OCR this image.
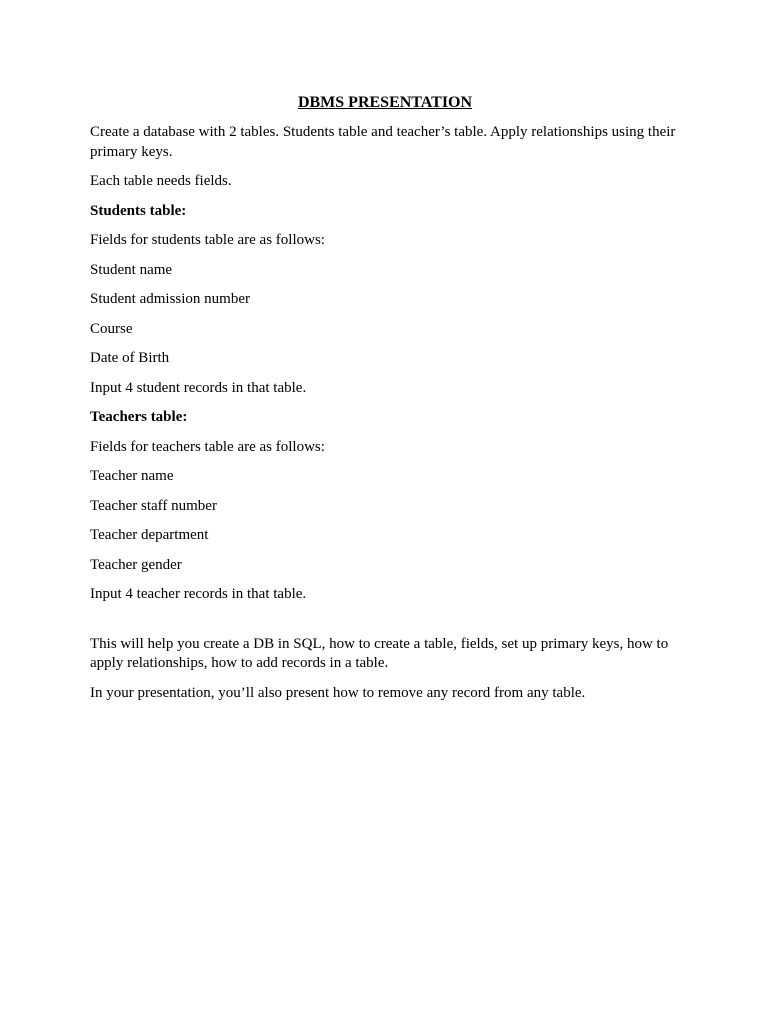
DBMS PRESENTATION
Create a database with 2 tables. Students table and teacher’s table. Apply relationships using their primary keys.
Each table needs fields.
Students table:
Fields for students table are as follows:
Student name
Student admission number
Course
Date of Birth
Input 4 student records in that table.
Teachers table:
Fields for teachers table are as follows:
Teacher name
Teacher staff number
Teacher department
Teacher gender
Input 4 teacher records in that table.
This will help you create a DB in SQL, how to create a table, fields, set up primary keys, how to apply relationships, how to add records in a table.
In your presentation, you’ll also present how to remove any record from any table.
